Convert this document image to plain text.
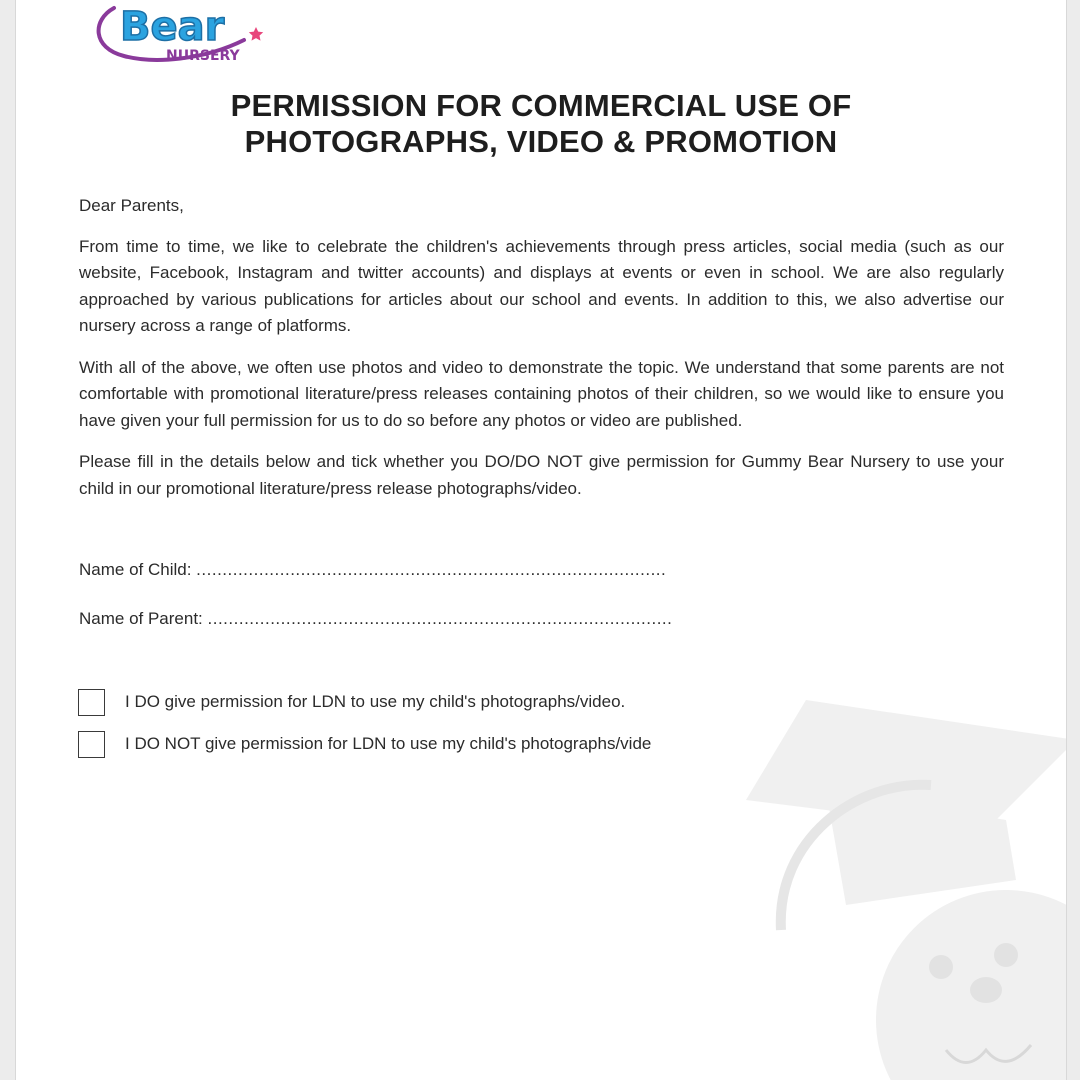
Bear
NURSERY
PERMISSION FOR COMMERCIAL USE OF
PHOTOGRAPHS, VIDEO & PROMOTION

Dear Parents,

From time to time, we like to celebrate the children's achievements through press articles, social media (such as our website, Facebook, Instagram and twitter accounts) and displays at events or even in school. We are also regularly approached by various publications for articles about our school and events. In addition to this, we also advertise our nursery across a range of platforms.

With all of the above, we often use photos and video to demonstrate the topic. We understand that some parents are not comfortable with promotional literature/press releases containing photos of their children, so we would like to ensure you have given your full permission for us to do so before any photos or video are published.

Please fill in the details below and tick whether you DO/DO NOT give permission for Gummy Bear Nursery to use your child in our promotional literature/press release photographs/video.

Name of Child: ..........................................................................................
Name of Parent: .........................................................................................
I DO give permission for LDN to use my child's photographs/video.
I DO NOT give permission for LDN to use my child's photographs/vide
